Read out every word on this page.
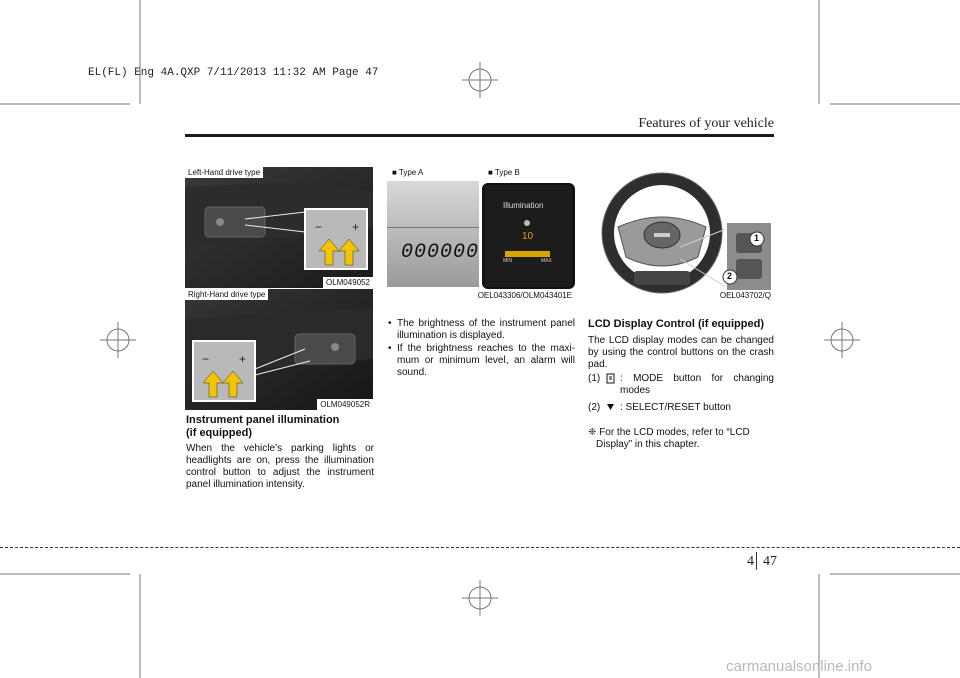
EL(FL) Eng 4A.QXP 7/11/2013 11:32 AM Page 47
Features of your vehicle
− +
Left-Hand drive type
OLM049052
− +
Right-Hand drive type
OLM049052R
Instrument panel illumination
(if equipped)
When the vehicle’s parking lights or headlights are on, press the illumination control button to adjust the instrument panel illumination intensity.
■ Type A	■ Type B
000000
Illumination
10
MIN	MAX
OEL043306/OLM043401E
• The brightness of the instrument panel illumination is displayed.
• If the brightness reaches to the maximum or minimum level, an alarm will sound.
1
2
OEL043702/Q
LCD Display Control (if equipped)
The LCD display modes can be changed by using the control buttons on the crash pad.
(1)	: MODE button for changing modes
(2)	: SELECT/RESET button
❈ For the LCD modes, refer to “LCD Display” in this chapter.
4 47
carmanualsonline.info
